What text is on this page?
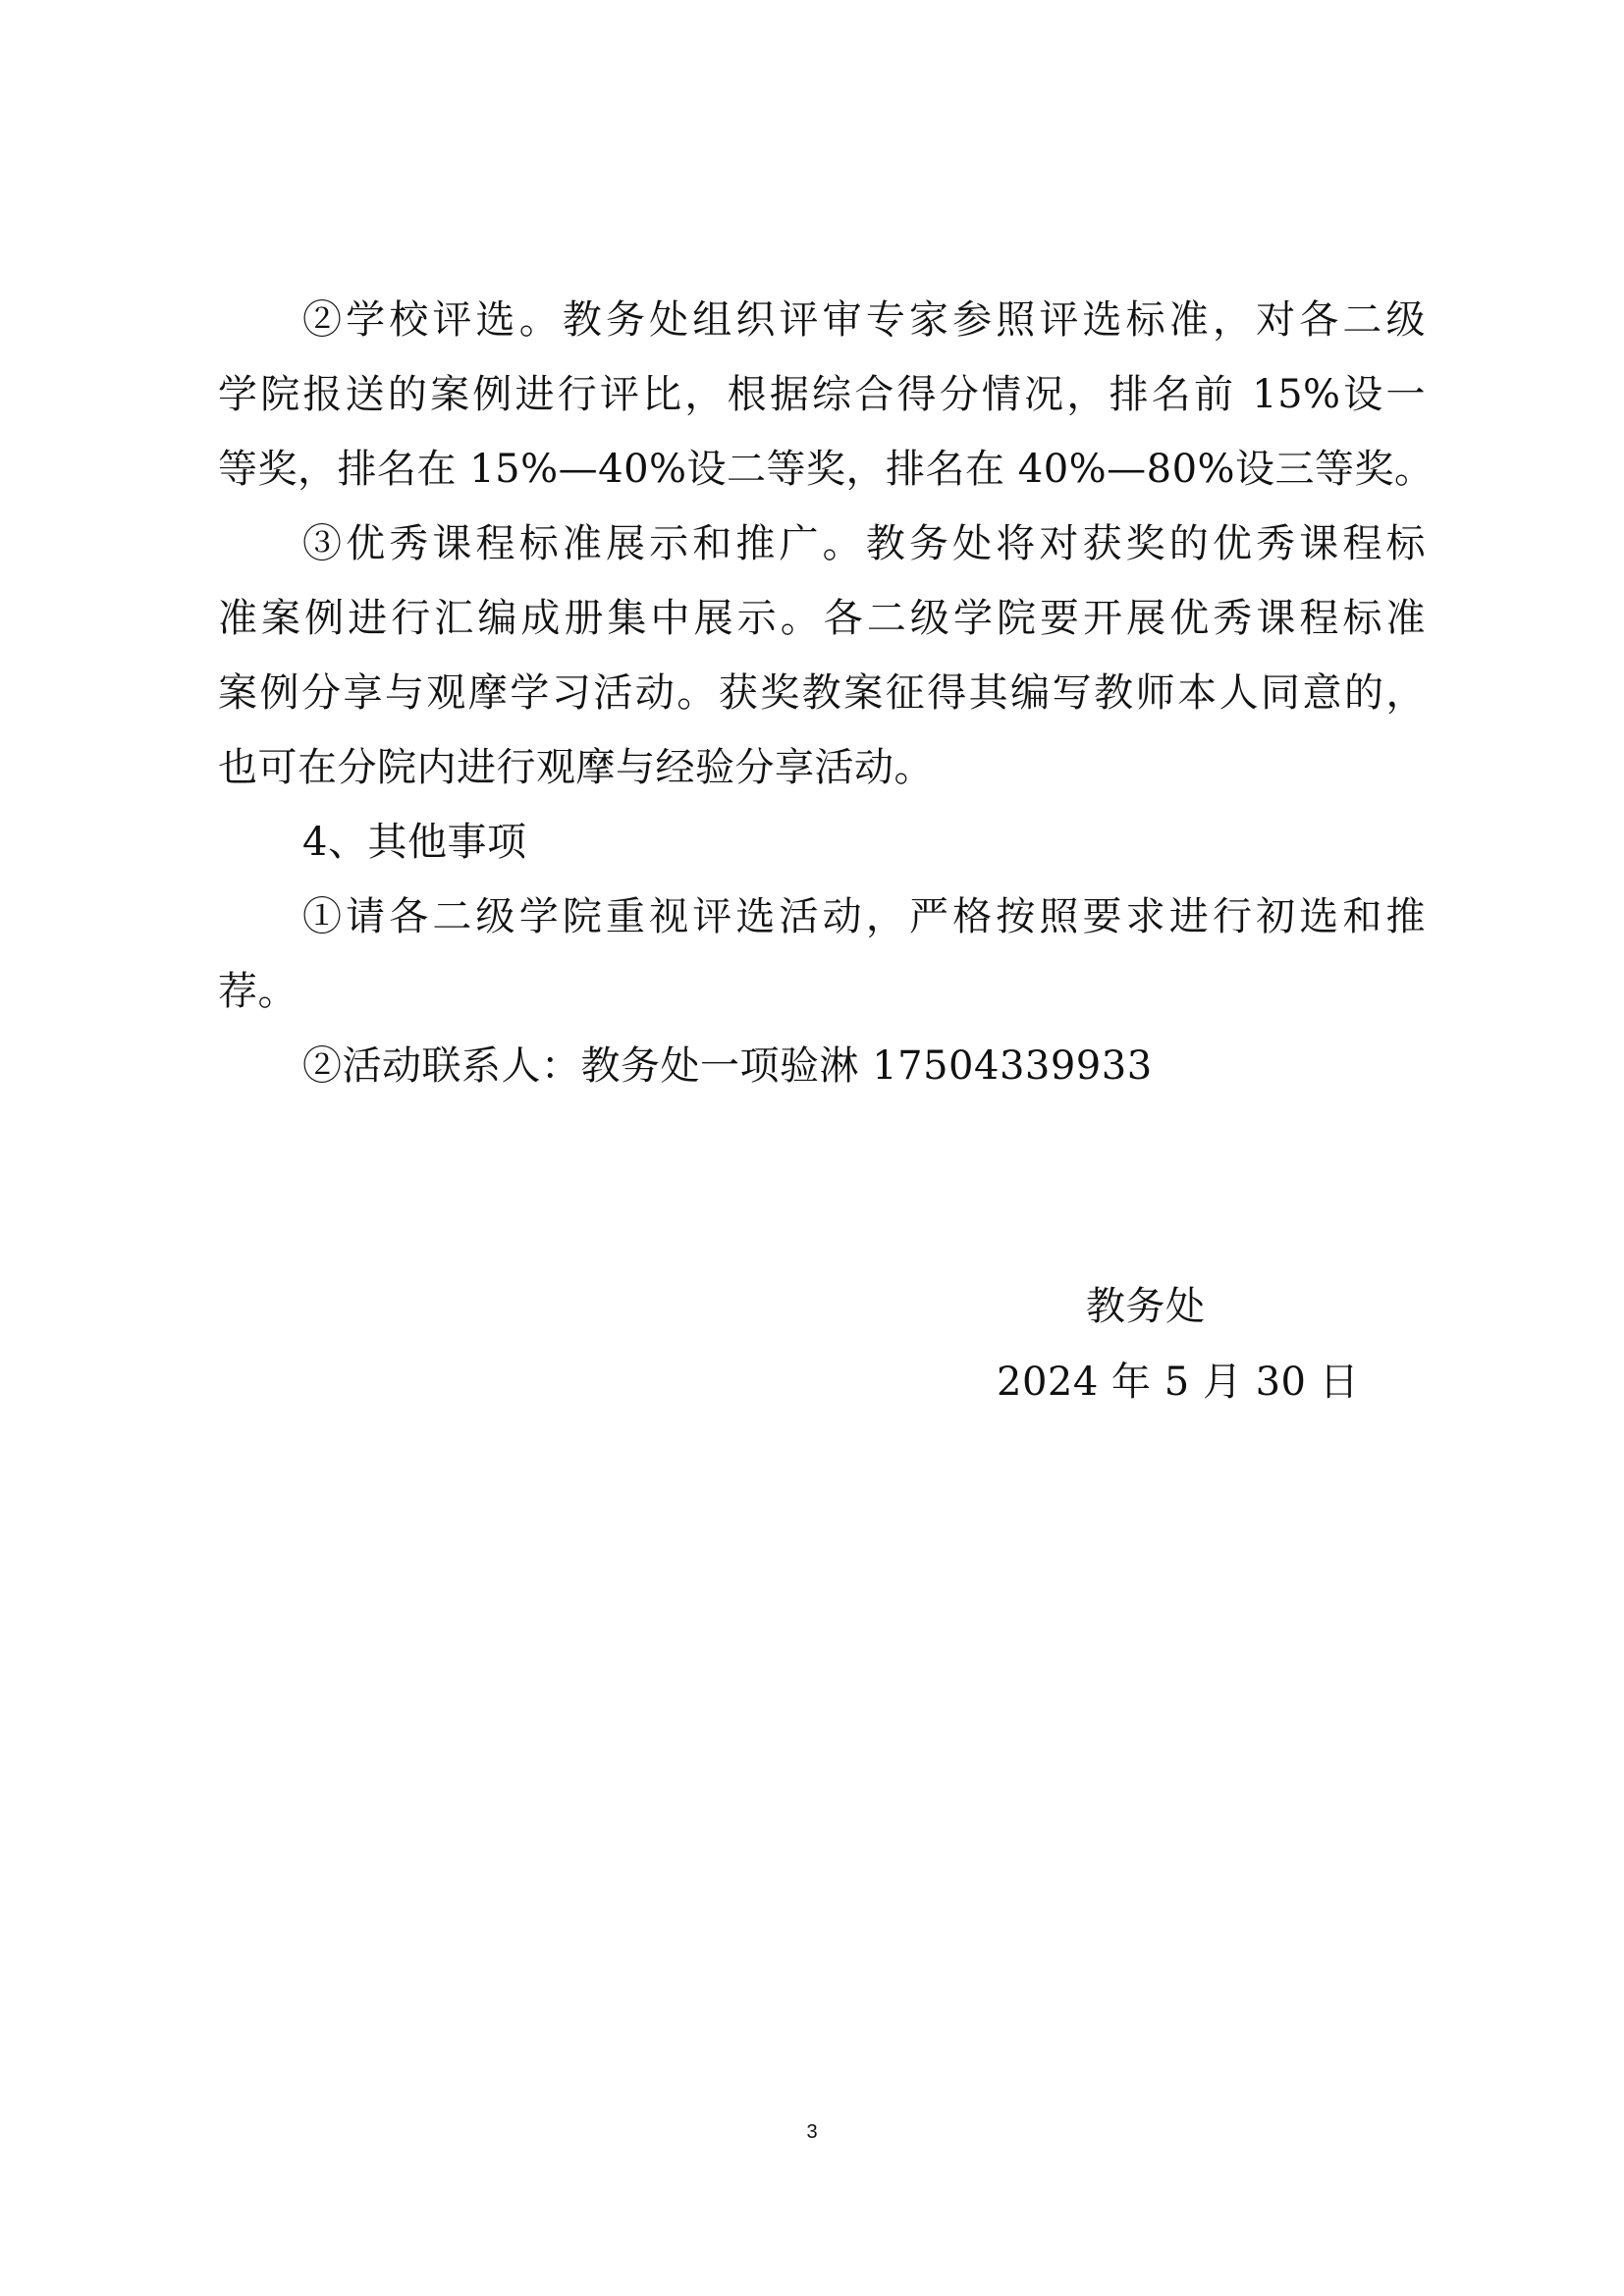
②学校评选。教务处组织评审专家参照评选标准，对各二级
学院报送的案例进行评比，根据综合得分情况，排名前 15%设一
等奖，排名在 15%—40%设二等奖，排名在 40%—80%设三等奖。
③优秀课程标准展示和推广。教务处将对获奖的优秀课程标
准案例进行汇编成册集中展示。各二级学院要开展优秀课程标准
案例分享与观摩学习活动。获奖教案征得其编写教师本人同意的，
也可在分院内进行观摩与经验分享活动。
4、其他事项
①请各二级学院重视评选活动，严格按照要求进行初选和推
荐。
②活动联系人：教务处一项验淋 17504339933
教务处
2024 年 5 月 30 日
3
